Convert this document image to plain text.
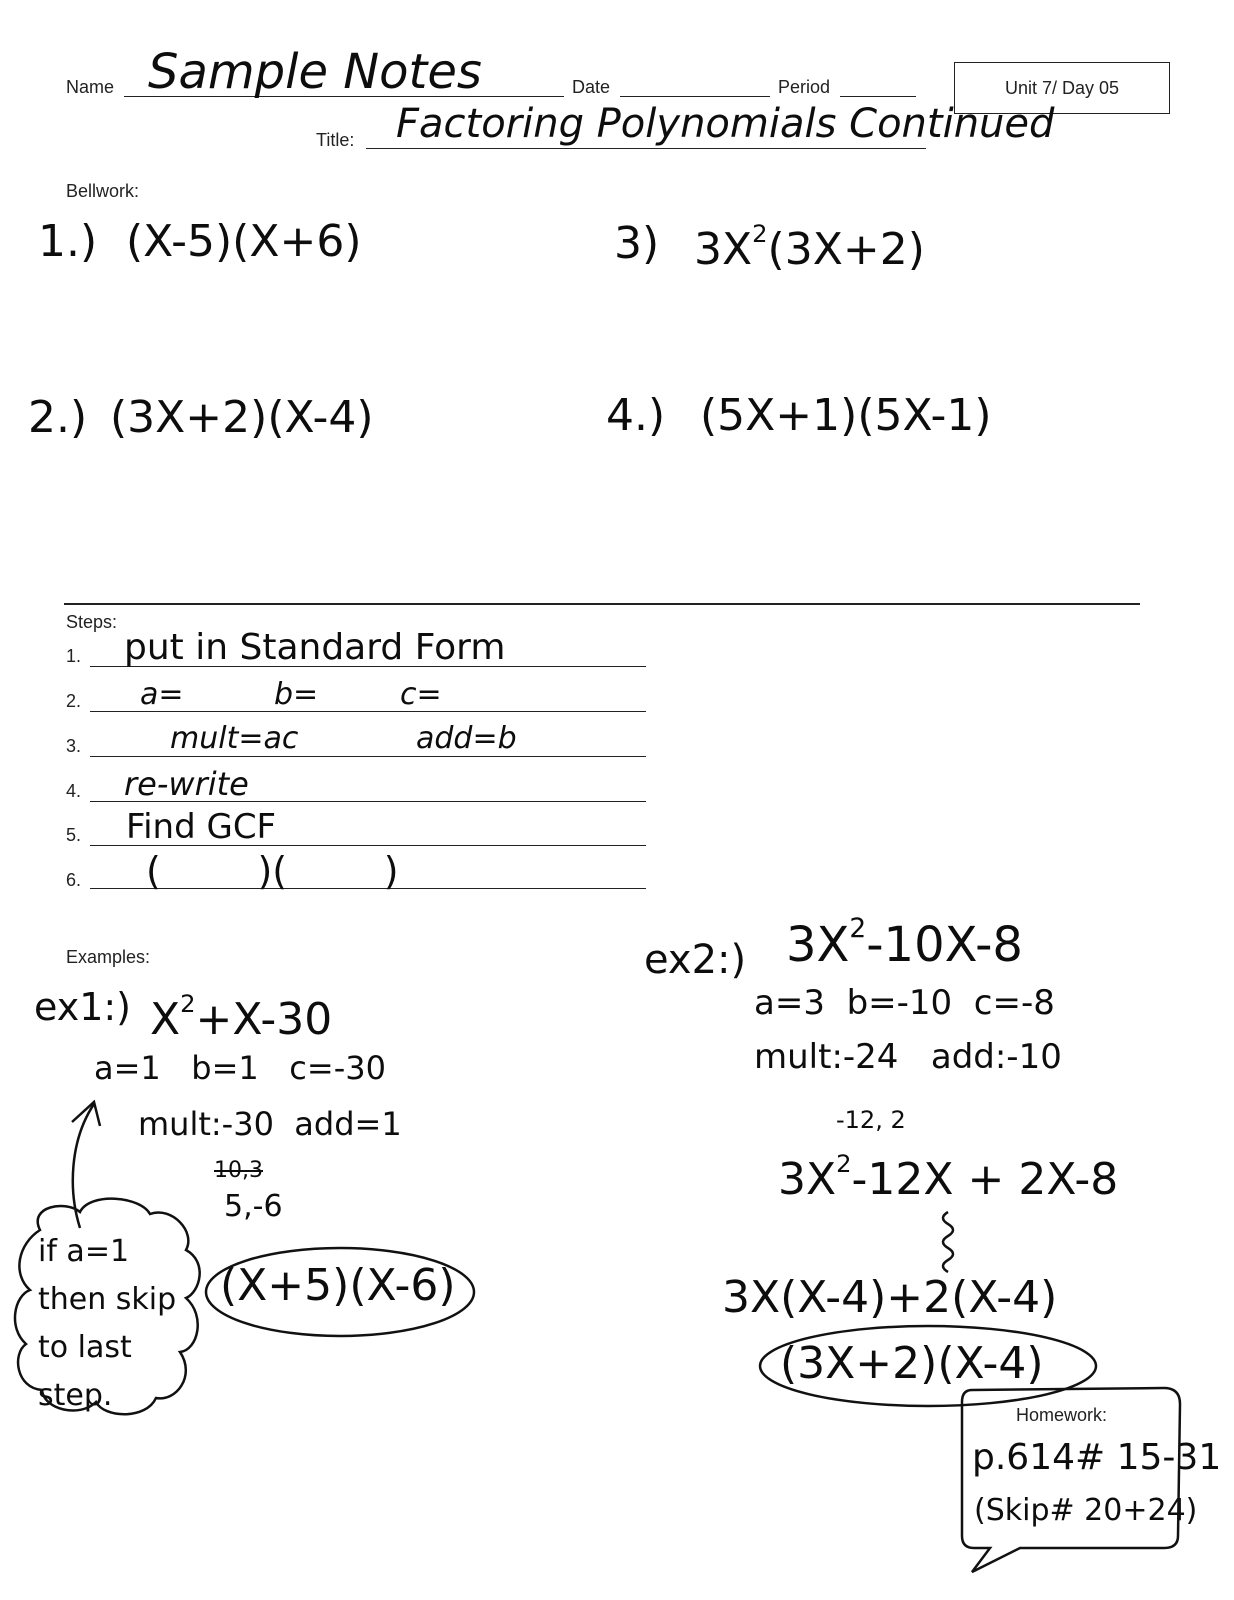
Name Sample Notes	Date	Period	Unit 7/ Day 05
Title: Factoring Polynomials Continued
Bellwork:
1.) (X-5)(X+6)
2.) (3X+2)(X-4)
3) $3X^2(3X+2)$
4.) (5X+1)(5X-1)
Steps:
1. put in Standard Form
2. a=	b=	c=
3.	mult=ac	add=b
4. re-write
5. Find GCF
6. (        )(        )
Examples:
ex1:) $X^2+X-30$
a=1   b=1   c=-30
mult:-30  add=1
10,3
5,-6
(X+5)(X-6)
if a=1
then skip
to last
step.
ex2:) $3X^2-10X-8$
a=3  b=-10  c=-8
mult:-24   add:-10
-12, 2
$3X^2-12X + 2X-8$
3X(X-4)+2(X-4)
(3X+2)(X-4)
Homework:
p.614# 15-31
(Skip# 20+24)
